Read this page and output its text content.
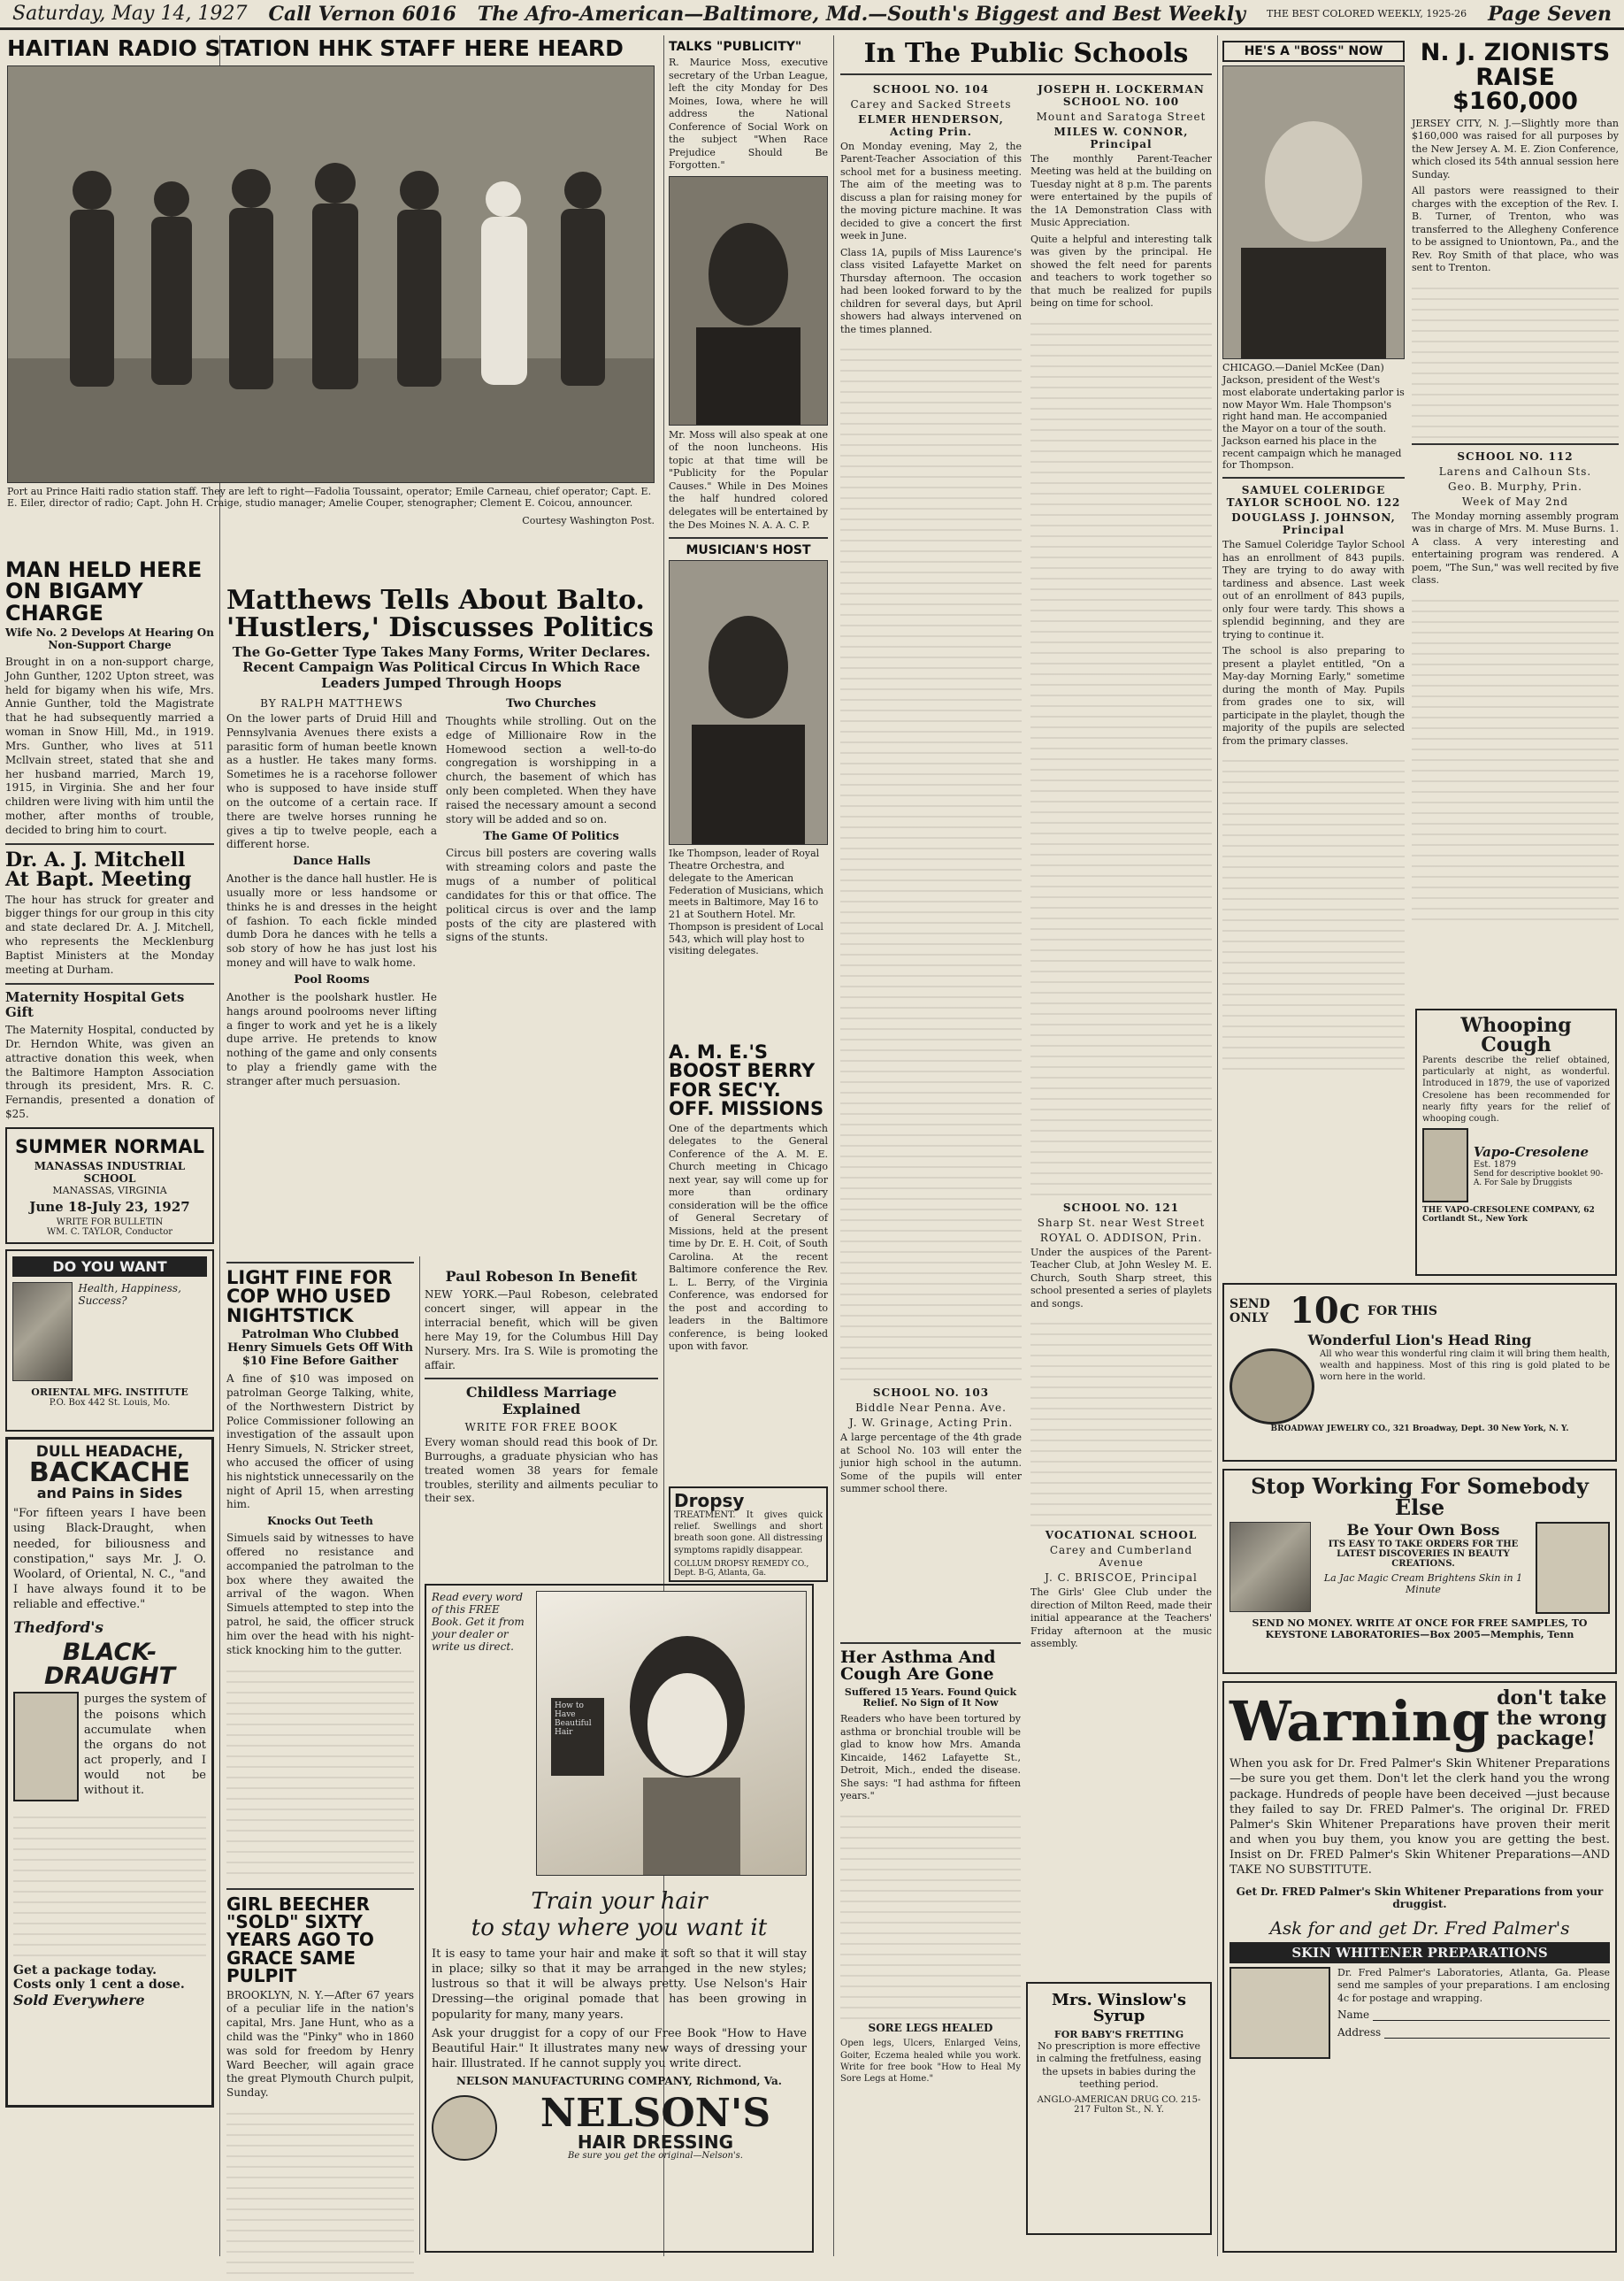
Saturday, May 14, 1927 Call Vernon 6016 The Afro-American—Baltimore, Md.—South's Biggest and Best Weekly THE BEST COLORED WEEKLY, 1925-26 Page Seven
HAITIAN RADIO STATION HHK STAFF HERE HEARD
Port au Prince Haiti radio station staff. They are left to right—Fadolia Toussaint, operator; Emile Carneau, chief operator; Capt. E. E. Eiler, director of radio; Capt. John H. Craige, studio manager; Amelie Couper, stenographer; Clement E. Coicou, announcer.
Courtesy Washington Post.
MAN HELD HERE ON BIGAMY CHARGE
Wife No. 2 Develops At Hearing On Non-Support Charge

Brought in on a non-support charge, John Gunther, 1202 Upton street, was held for bigamy when his wife, Mrs. Annie Gunther, told the Magistrate that he had subsequently married a woman in Snow Hill, Md., in 1919. Mrs. Gunther, who lives at 511 Mcllvain street, stated that she and her husband married, March 19, 1915, in Virginia. She and her four children were living with him until the mother, after months of trouble, decided to bring him to court.

Dr. A. J. Mitchell At Bapt. Meeting

The hour has struck for greater and bigger things for our group in this city and state declared Dr. A. J. Mitchell, who represents the Mecklenburg Baptist Ministers at the Monday meeting at Durham.

Maternity Hospital Gets Gift

The Maternity Hospital, conducted by Dr. Herndon White, was given an attractive donation this week, when the Baltimore Hampton Association through its president, Mrs. R. C. Fernandis, presented a donation of $25.

SUMMER NORMAL
MANASSAS INDUSTRIAL SCHOOL
MANASSAS, VIRGINIA
June 18-July 23, 1927
WRITE FOR BULLETIN
WM. C. TAYLOR, Conductor
DO YOU WANT
Health, Happiness, Success?
ORIENTAL MFG. INSTITUTE
P.O. Box 442 St. Louis, Mo.
DULL HEADACHE,
BACKACHE
and Pains in Sides

"For fifteen years I have been using Black-Draught, when needed, for biliousness and constipation," says Mr. J. O. Woolard, of Oriental, N. C., "and I have always found it to be reliable and effective."

Thedford's
BLACK-DRAUGHT

purges the system of the poisons which accumulate when the organs do not act properly, and I would not be without it.

Get a package today.
Costs only 1 cent a dose.
Sold Everywhere
Matthews Tells About Balto. 'Hustlers,' Discusses Politics
The Go-Getter Type Takes Many Forms, Writer Declares. Recent Campaign Was Political Circus In Which Race Leaders Jumped Through Hoops
BY RALPH MATTHEWS

On the lower parts of Druid Hill and Pennsylvania Avenues there exists a parasitic form of human beetle known as a hustler. He takes many forms. Sometimes he is a racehorse follower who is supposed to have inside stuff on the outcome of a certain race. If there are twelve horses running he gives a tip to twelve people, each a different horse.

Dance Halls

Another is the dance hall hustler. He is usually more or less handsome or thinks he is and dresses in the height of fashion. To each fickle minded dumb Dora he dances with he tells a sob story of how he has just lost his money and will have to walk home.

Pool Rooms

Another is the poolshark hustler. He hangs around poolrooms never lifting a finger to work and yet he is a likely dupe arrive. He pretends to know nothing of the game and only consents to play a friendly game with the stranger after much persuasion.

Two Churches

Thoughts while strolling. Out on the edge of Millionaire Row in the Homewood section a well-to-do congregation is worshipping in a church, the basement of which has only been completed. When they have raised the necessary amount a second story will be added and so on.

The Game Of Politics

Circus bill posters are covering walls with streaming colors and paste the mugs of a number of political candidates for this or that office. The political circus is over and the lamp posts of the city are plastered with signs of the stunts.

LIGHT FINE FOR COP WHO USED NIGHTSTICK
Patrolman Who Clubbed Henry Simuels Gets Off With $10 Fine Before Gaither

A fine of $10 was imposed on patrolman George Talking, white, of the Northwestern District by Police Commissioner following an investigation of the assault upon Henry Simuels, N. Stricker street, who accused the officer of using his nightstick unnecessarily on the night of April 15, when arresting him.

Knocks Out Teeth

Simuels said by witnesses to have offered no resistance and accompanied the patrolman to the box where they awaited the arrival of the wagon. When Simuels attempted to step into the patrol, he said, the officer struck him over the head with his night-stick knocking him to the gutter.

GIRL BEECHER "SOLD" SIXTY YEARS AGO TO GRACE SAME PULPIT

BROOKLYN, N. Y.—After 67 years of a peculiar life in the nation's capital, Mrs. Jane Hunt, who as a child was the "Pinky" who in 1860 was sold for freedom by Henry Ward Beecher, will again grace the great Plymouth Church pulpit, Sunday.

Paul Robeson In Benefit

NEW YORK.—Paul Robeson, celebrated concert singer, will appear in the interracial benefit, which will be given here May 19, for the Columbus Hill Day Nursery. Mrs. Ira S. Wile is promoting the affair.

Childless Marriage Explained
WRITE FOR FREE BOOK

Every woman should read this book of Dr. Burroughs, a graduate physician who has treated women 38 years for female troubles, sterility and ailments peculiar to their sex.	Dropsy

TREATMENT. It gives quick relief. Swellings and short breath soon gone. All distressing symptoms rapidly disappear.

COLLUM DROPSY REMEDY CO., Dept. B-G, Atlanta, Ga.
Read every word of this FREE Book. Get it from your dealer or write us direct.
How to Have Beautiful Hair
Train your hair
to stay where you want it

It is easy to tame your hair and make it soft so that it will stay in place; silky so that it may be arranged in the new styles; lustrous so that it will be always pretty. Use Nelson's Hair Dressing—the original pomade that has been growing in popularity for many, many years.

Ask your druggist for a copy of our Free Book "How to Have Beautiful Hair." It illustrates many new ways of dressing your hair. Illustrated. If he cannot supply you write direct.

NELSON MANUFACTURING COMPANY, Richmond, Va.
NELSON'S
HAIR DRESSING
Be sure you get the original—Nelson's.
TALKS "PUBLICITY"

R. Maurice Moss, executive secretary of the Urban League, left the city Monday for Des Moines, Iowa, where he will address the National Conference of Social Work on the subject "When Race Prejudice Should Be Forgotten."

Mr. Moss will also speak at one of the noon luncheons. His topic at that time will be "Publicity for the Popular Causes." While in Des Moines the half hundred colored delegates will be entertained by the Des Moines N. A. A. C. P.

MUSICIAN'S HOST

Ike Thompson, leader of Royal Theatre Orchestra, and delegate to the American Federation of Musicians, which meets in Baltimore, May 16 to 21 at Southern Hotel. Mr. Thompson is president of Local 543, which will play host to visiting delegates.

A. M. E.'S BOOST BERRY FOR SEC'Y. OFF. MISSIONS

One of the departments which delegates to the General Conference of the A. M. E. Church meeting in Chicago next year, say will come up for more than ordinary consideration will be the office of General Secretary of Missions, held at the present time by Dr. E. H. Coit, of South Carolina. At the recent Baltimore conference the Rev. L. L. Berry, of the Virginia Conference, was endorsed for the post and according to leaders in the Baltimore conference, is being looked upon with favor.

In The Public Schools
SCHOOL NO. 104
Carey and Sacked Streets
ELMER HENDERSON, Acting Prin.

On Monday evening, May 2, the Parent-Teacher Association of this school met for a business meeting. The aim of the meeting was to discuss a plan for raising money for the moving picture machine. It was decided to give a concert the first week in June.

Class 1A, pupils of Miss Laurence's class visited Lafayette Market on Thursday afternoon. The occasion had been looked forward to by the children for several days, but April showers had always intervened on the times planned.

SCHOOL NO. 103
Biddle Near Penna. Ave.
J. W. Grinage, Acting Prin.

A large percentage of the 4th grade at School No. 103 will enter the junior high school in the autumn. Some of the pupils will enter summer school there.

JOSEPH H. LOCKERMAN SCHOOL NO. 100
Mount and Saratoga Street
MILES W. CONNOR, Principal

The monthly Parent-Teacher Meeting was held at the building on Tuesday night at 8 p.m. The parents were entertained by the pupils of the 1A Demonstration Class with Music Appreciation.

Quite a helpful and interesting talk was given by the principal. He showed the felt need for parents and teachers to work together so that much be realized for pupils being on time for school.

SCHOOL NO. 121
Sharp St. near West Street
ROYAL O. ADDISON, Prin.

Under the auspices of the Parent-Teacher Club, at John Wesley M. E. Church, South Sharp street, this school presented a series of playlets and songs.

VOCATIONAL SCHOOL
Carey and Cumberland Avenue
J. C. BRISCOE, Principal

The Girls' Glee Club under the direction of Milton Reed, made their initial appearance at the Teachers' Friday afternoon at the music assembly.

Her Asthma And Cough Are Gone
Suffered 15 Years. Found Quick Relief. No Sign of It Now

Readers who have been tortured by asthma or bronchial trouble will be glad to know how Mrs. Amanda Kincaide, 1462 Lafayette St., Detroit, Mich., ended the disease. She says: "I had asthma for fifteen years."

SORE LEGS HEALED

Open legs, Ulcers, Enlarged Veins, Goiter, Eczema healed while you work. Write for free book "How to Heal My Sore Legs at Home."

Mrs. Winslow's Syrup
FOR BABY'S FRETTING

No prescription is more effective in calming the fretfulness, easing the upsets in babies during the teething period.

ANGLO-AMERICAN DRUG CO. 215-217 Fulton St., N. Y.
HE'S A "BOSS" NOW

CHICAGO.—Daniel McKee (Dan) Jackson, president of the West's most elaborate undertaking parlor is now Mayor Wm. Hale Thompson's right hand man. He accompanied the Mayor on a tour of the south. Jackson earned his place in the recent campaign which he managed for Thompson.

SAMUEL COLERIDGE TAYLOR SCHOOL NO. 122
DOUGLASS J. JOHNSON, Principal

The Samuel Coleridge Taylor School has an enrollment of 843 pupils. They are trying to do away with tardiness and absence. Last week out of an enrollment of 843 pupils, only four were tardy. This shows a splendid beginning, and they are trying to continue it.

The school is also preparing to present a playlet entitled, "On a May-day Morning Early," sometime during the month of May. Pupils from grades one to six, will participate in the playlet, though the majority of the pupils are selected from the primary classes.

N. J. ZIONISTS RAISE $160,000

JERSEY CITY, N. J.—Slightly more than $160,000 was raised for all purposes by the New Jersey A. M. E. Zion Conference, which closed its 54th annual session here Sunday.

All pastors were reassigned to their charges with the exception of the Rev. I. B. Turner, of Trenton, who was transferred to the Allegheny Conference to be assigned to Uniontown, Pa., and the Rev. Roy Smith of that place, who was sent to Trenton.

SCHOOL NO. 112
Larens and Calhoun Sts.
Geo. B. Murphy, Prin.
Week of May 2nd

The Monday morning assembly program was in charge of Mrs. M. Muse Burns. 1. A class. A very interesting and entertaining program was rendered. A poem, "The Sun," was well recited by five class.

Whooping Cough

Parents describe the relief obtained, particularly at night, as wonderful. Introduced in 1879, the use of vaporized Cresolene has been recommended for nearly fifty years for the relief of whooping cough.

Vapo-Cresolene
Est. 1879
Send for descriptive booklet 90-A. For Sale by Druggists
THE VAPO-CRESOLENE COMPANY, 62 Cortlandt St., New York
SEND ONLY 10c FOR THIS
Wonderful Lion's Head Ring

All who wear this wonderful ring claim it will bring them health, wealth and happiness. Most of this ring is gold plated to be worn here in the world.

BROADWAY JEWELRY CO., 321 Broadway, Dept. 30 New York, N. Y.
Stop Working For Somebody Else
Be Your Own Boss
ITS EASY TO TAKE ORDERS FOR THE LATEST DISCOVERIES IN BEAUTY CREATIONS.
La Jac Magic Cream Brightens Skin in 1 Minute
SEND NO MONEY. WRITE AT ONCE FOR FREE SAMPLES, TO
KEYSTONE LABORATORIES—Box 2005—Memphis, Tenn
Warning don't take the wrong package!

When you ask for Dr. Fred Palmer's Skin Whitener Preparations—be sure you get them. Don't let the clerk hand you the wrong package. Hundreds of people have been deceived —just because they failed to say Dr. FRED Palmer's. The original Dr. FRED Palmer's Skin Whitener Preparations have proven their merit and when you buy them, you know you are getting the best. Insist on Dr. FRED Palmer's Skin Whitener Preparations—AND TAKE NO SUBSTITUTE.

Get Dr. FRED Palmer's Skin Whitener Preparations from your druggist.
Ask for and get Dr. Fred Palmer's
SKIN WHITENER PREPARATIONS

Dr. Fred Palmer's Laboratories, Atlanta, Ga. Please send me samples of your preparations. I am enclosing 4c for postage and wrapping.

Name
Address
